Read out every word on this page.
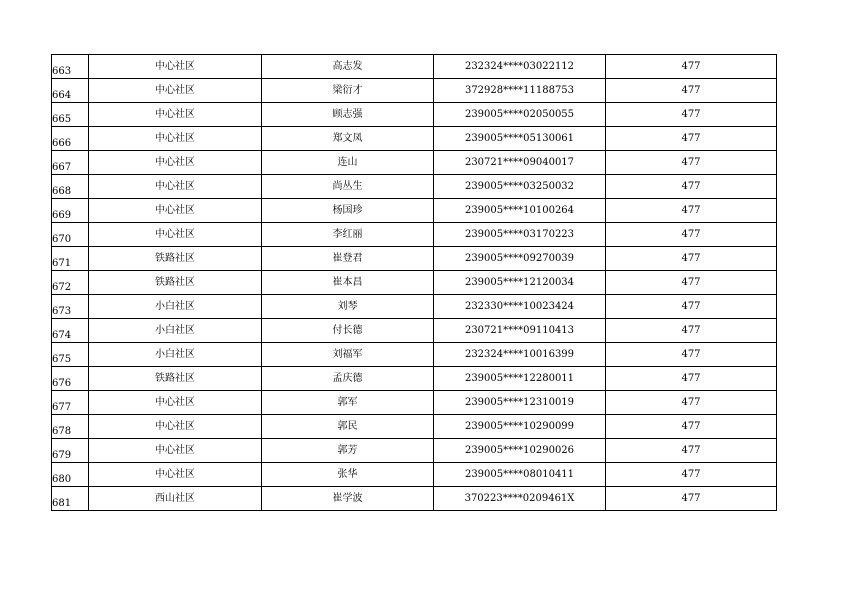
663	中心社区	高志发	232324****03022112	477
664	中心社区	梁衍才	372928****11188753	477
665	中心社区	顾志强	239005****02050055	477
666	中心社区	郑文凤	239005****05130061	477
667	中心社区	连山	230721****09040017	477
668	中心社区	尚丛生	239005****03250032	477
669	中心社区	杨国珍	239005****10100264	477
670	中心社区	李红丽	239005****03170223	477
671	铁路社区	崔登君	239005****09270039	477
672	铁路社区	崔本昌	239005****12120034	477
673	小白社区	刘琴	232330****10023424	477
674	小白社区	付长德	230721****09110413	477
675	小白社区	刘福军	232324****10016399	477
676	铁路社区	孟庆德	239005****12280011	477
677	中心社区	郭军	239005****12310019	477
678	中心社区	郭民	239005****10290099	477
679	中心社区	郭芳	239005****10290026	477
680	中心社区	张华	239005****08010411	477
681	西山社区	崔学波	370223****0209461X	477
